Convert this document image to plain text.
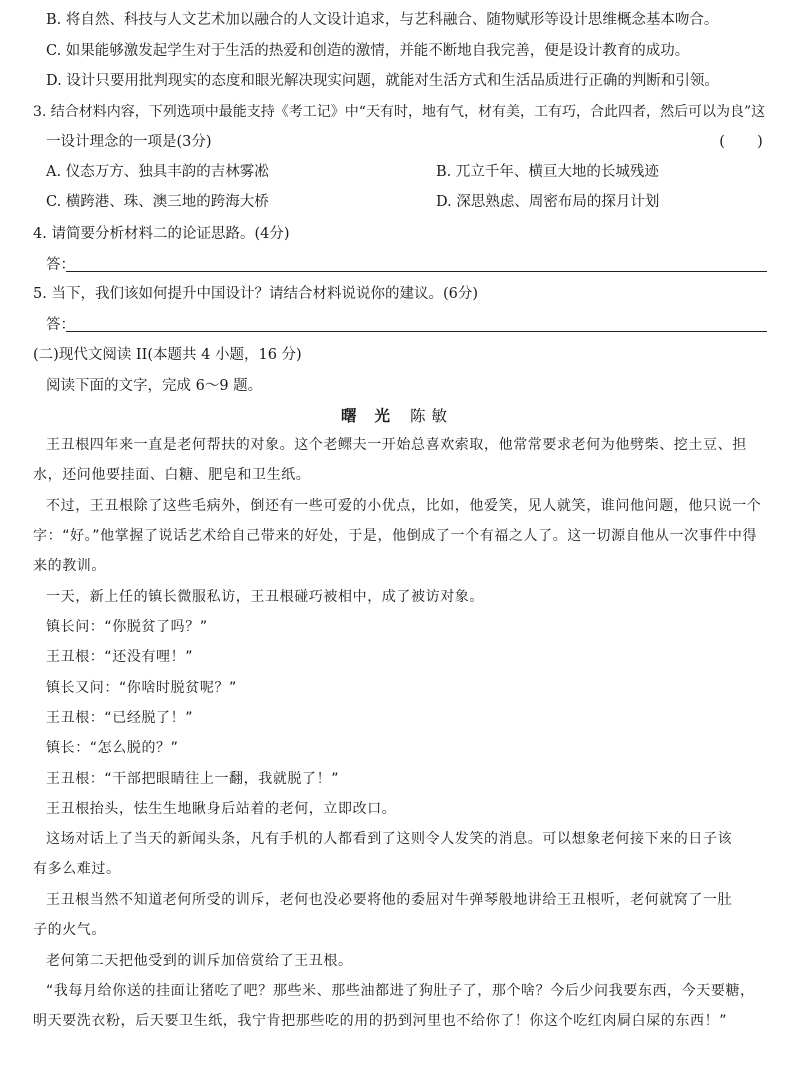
B. 将自然、科技与人文艺术加以融合的人文设计追求，与艺科融合、随物赋形等设计思维概念基本吻合。
C. 如果能够激发起学生对于生活的热爱和创造的激情，并能不断地自我完善，便是设计教育的成功。
D. 设计只要用批判现实的态度和眼光解决现实问题，就能对生活方式和生活品质进行正确的判断和引领。
3. 结合材料内容，下列选项中最能支持《考工记》中“天有时，地有气，材有美，工有巧，合此四者，然后可以为良”这
一设计理念的一项是(3分)	(       )
A. 仪态万方、独具丰韵的吉林雾凇	B. 兀立千年、横亘大地的长城残迹
C. 横跨港、珠、澳三地的跨海大桥	D. 深思熟虑、周密布局的探月计划
4. 请简要分析材料二的论证思路。(4分)
答：
5. 当下，我们该如何提升中国设计？请结合材料说说你的建议。(6分)
答：
(二)现代文阅读 II(本题共 4 小题，16 分)
阅读下面的文字，完成 6～9 题。
曙光 陈敏
王丑根四年来一直是老何帮扶的对象。这个老鳏夫一开始总喜欢索取，他常常要求老何为他劈柴、挖土豆、担
水，还问他要挂面、白糖、肥皂和卫生纸。
不过，王丑根除了这些毛病外，倒还有一些可爱的小优点，比如，他爱笑，见人就笑，谁问他问题，他只说一个
字：“好。”他掌握了说话艺术给自己带来的好处，于是，他倒成了一个有福之人了。这一切源自他从一次事件中得
来的教训。
一天，新上任的镇长微服私访，王丑根碰巧被相中，成了被访对象。
镇长问：“你脱贫了吗？”
王丑根：“还没有哩！”
镇长又问：“你啥时脱贫呢？”
王丑根：“已经脱了！”
镇长：“怎么脱的？”
王丑根：“干部把眼睛往上一翻，我就脱了！”
王丑根抬头，怯生生地瞅身后站着的老何，立即改口。
这场对话上了当天的新闻头条，凡有手机的人都看到了这则令人发笑的消息。可以想象老何接下来的日子该
有多么难过。
王丑根当然不知道老何所受的训斥，老何也没必要将他的委屈对牛弹琴般地讲给王丑根听，老何就窝了一肚
子的火气。
老何第二天把他受到的训斥加倍赏给了王丑根。
“我每月给你送的挂面让猪吃了吧？那些米、那些油都进了狗肚子了，那个啥？今后少问我要东西，今天要糖，
明天要洗衣粉，后天要卫生纸，我宁肯把那些吃的用的扔到河里也不给你了！你这个吃红肉屙白屎的东西！”
